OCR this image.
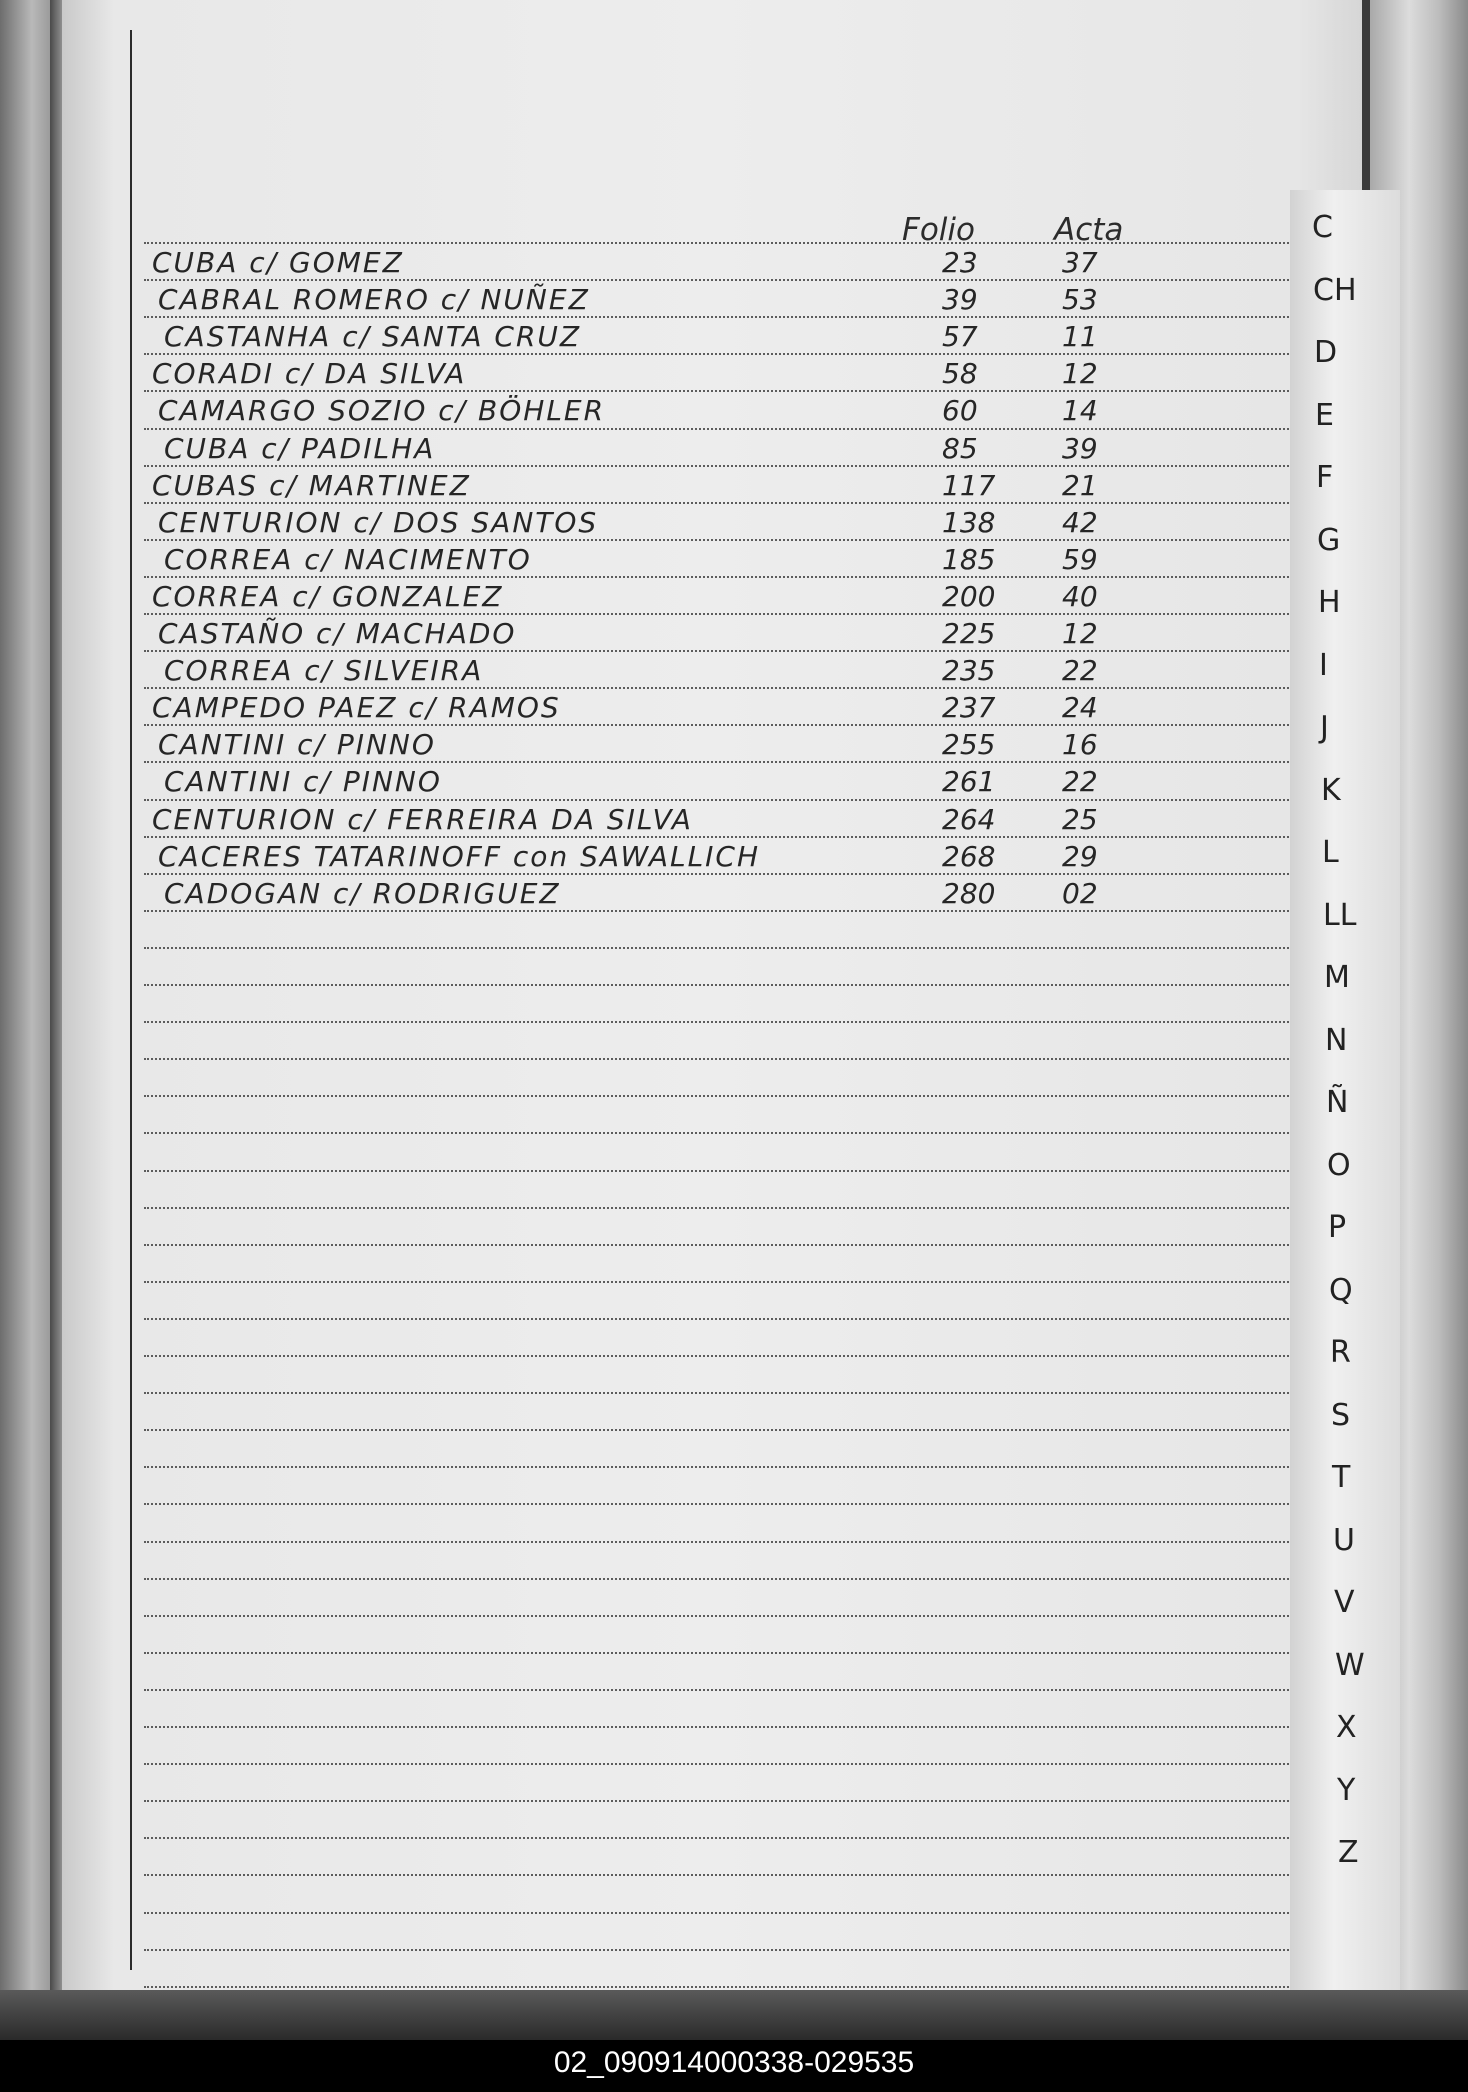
Folio	Acta
CUBA c/ GOMEZ	23	37
CABRAL ROMERO c/ NUÑEZ	39	53
CASTANHA c/ SANTA CRUZ	57	11
CORADI c/ DA SILVA	58	12
CAMARGO SOZIO c/ BÖHLER	60	14
CUBA c/ PADILHA	85	39
CUBAS c/ MARTINEZ	117 21
CENTURION c/ DOS SANTOS	138 42
CORREA c/ NACIMENTO	185 59
CORREA c/ GONZALEZ	200 40
CASTAÑO c/ MACHADO	225 12
CORREA c/ SILVEIRA	235 22
CAMPEDO PAEZ c/ RAMOS	237 24
CANTINI c/ PINNO	255 16
CANTINI c/ PINNO	261 22
CENTURION c/ FERREIRA DA SILVA	264 25
CACERES TATARINOFF con SAWALLICH	268 29
CADOGAN c/ RODRIGUEZ	280 02
C
CH
D
E
F
G
H
I
J
K
L
LL
M
N
Ñ
O
P
Q
R
S
T
U
V
W
X
Y
Z
02_090914000338-029535
